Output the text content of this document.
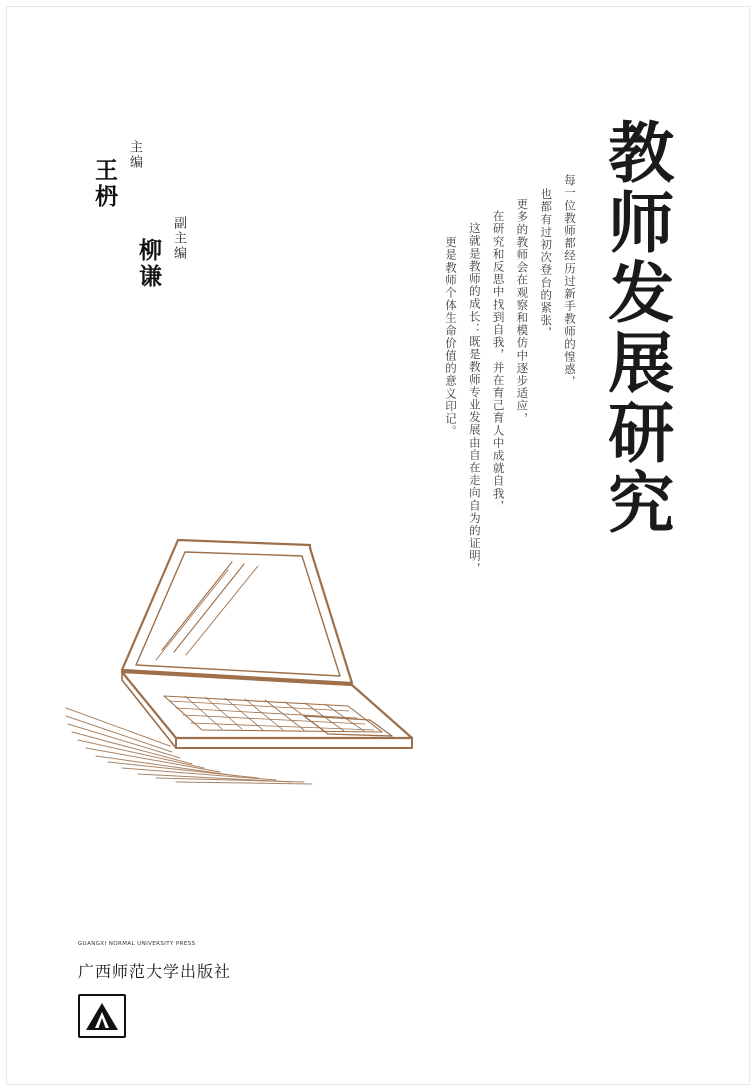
教师发展研究
每一位教师都经历过新手教师的惶惑，
也都有过初次登台的紧张，
更多的教师会在观察和模仿中逐步适应，
在研究和反思中找到自我，并在育己育人中成就自我，
这就是教师的成长：既是教师专业发展由自在走向自为的证明，
更是教师个体生命价值的意义印记。
主编
王枬
副主编
柳谦
GUANGXI NORMAL UNIVERSITY PRESS
广西师范大学出版社
